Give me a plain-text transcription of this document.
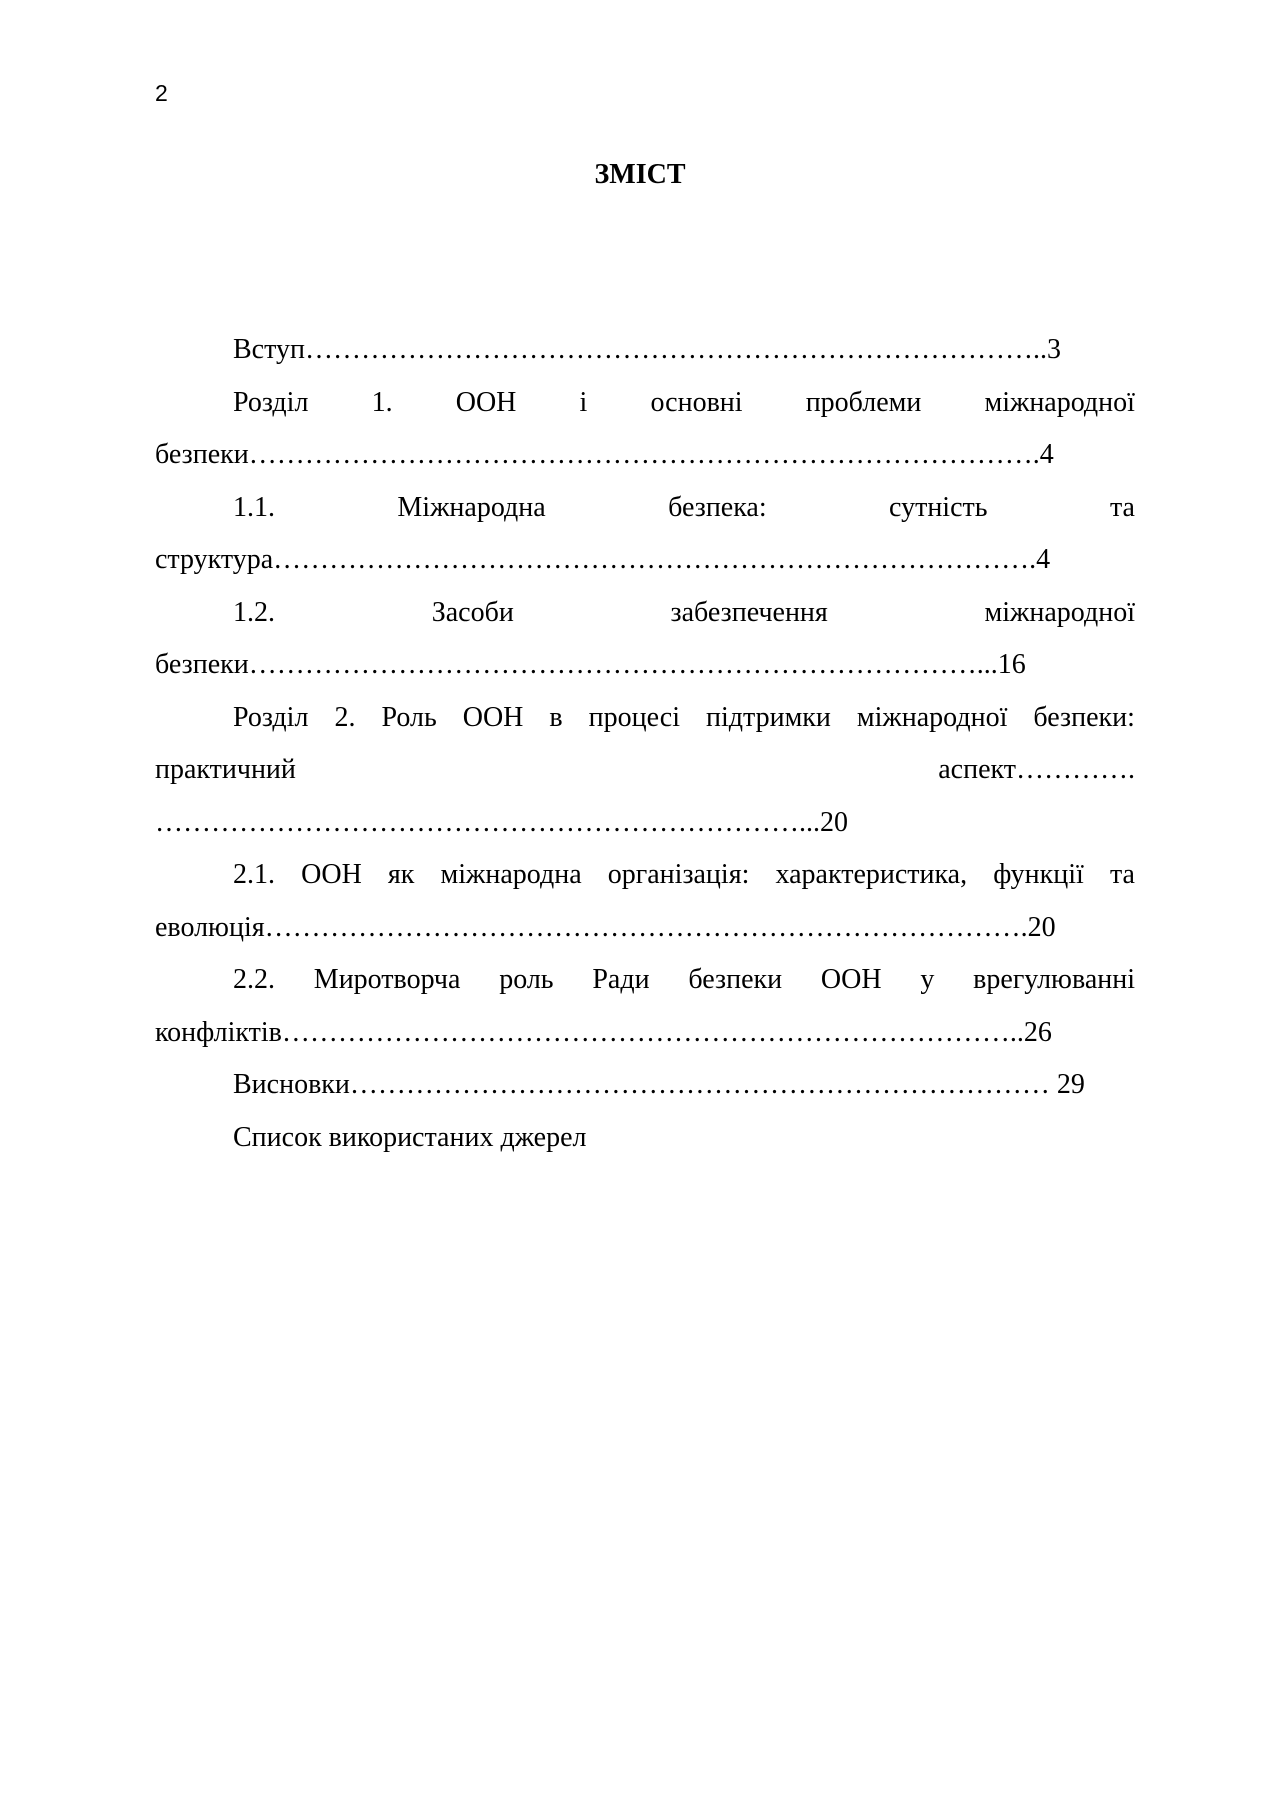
2
ЗМІСТ
Вступ……………………………………………………………………..3
Розділ 1. ООН і основні проблеми міжнародної
безпеки………………………………………………………………………….4
1.1.	Міжнародна	безпека:	сутність	та
структура……………………………………………………………………….4
1.2.	Засоби	забезпечення	міжнародної
безпеки……………………………………………………………………...16
Розділ 2. Роль ООН в процесі підтримки міжнародної безпеки:
практичний	аспект………….
……………………………………………………………...20
2.1. ООН як міжнародна організація: характеристика, функції та
еволюція……………………………………………………………………….20
2.2. Миротворча роль Ради безпеки ООН у врегулюванні
конфліктів……………………………………………………………………..26
Висновки………………………………………………………………… 29
Список використаних джерел
